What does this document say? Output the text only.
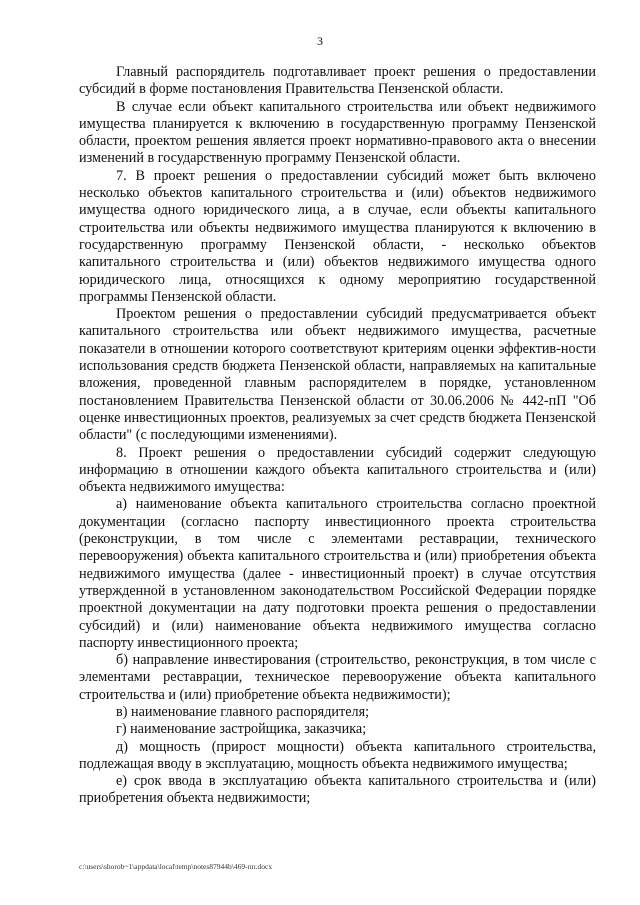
3

Главный распорядитель подготавливает проект решения о предоставлении субсидий в форме постановления Правительства Пензенской области.

В случае если объект капитального строительства или объект недвижимого имущества планируется к включению в государственную программу Пензенской области, проектом решения является проект нормативно-правового акта о внесении изменений в государственную программу Пензенской области.

7. В проект решения о предоставлении субсидий может быть включено несколько объектов капитального строительства и (или) объектов недвижимого имущества одного юридического лица, а в случае, если объекты капитального строительства или объекты недвижимого имущества планируются к включению в государственную программу Пензенской области, - несколько объектов капитального строительства и (или) объектов недвижимого имущества одного юридического лица, относящихся к одному мероприятию государственной программы Пензенской области.

Проектом решения о предоставлении субсидий предусматривается объект капитального строительства или объект недвижимого имущества, расчетные показатели в отношении которого соответствуют критериям оценки эффектив-ности использования средств бюджета Пензенской области, направляемых на капитальные вложения, проведенной главным распорядителем в порядке, установленном постановлением Правительства Пензенской области от 30.06.2006 № 442-пП "Об оценке инвестиционных проектов, реализуемых за счет средств бюджета Пензенской области" (с последующими изменениями).

8. Проект решения о предоставлении субсидий содержит следующую информацию в отношении каждого объекта капитального строительства и (или) объекта недвижимого имущества:

а) наименование объекта капитального строительства согласно проектной документации (согласно паспорту инвестиционного проекта строительства (реконструкции, в том числе с элементами реставрации, технического перевооружения) объекта капитального строительства и (или) приобретения объекта недвижимого имущества (далее - инвестиционный проект) в случае отсутствия утвержденной в установленном законодательством Российской Федерации порядке проектной документации на дату подготовки проекта решения о предоставлении субсидий) и (или) наименование объекта недвижимого имущества согласно паспорту инвестиционного проекта;

б) направление инвестирования (строительство, реконструкция, в том числе с элементами реставрации, техническое перевооружение объекта капитального строительства и (или) приобретение объекта недвижимости);

в) наименование главного распорядителя;

г) наименование застройщика, заказчика;

д) мощность (прирост мощности) объекта капитального строительства, подлежащая вводу в эксплуатацию, мощность объекта недвижимого имущества;

е) срок ввода в эксплуатацию объекта капитального строительства и (или) приобретения объекта недвижимости;

c:\users\shorob~1\appdata\local\temp\notes87944b\469-пп.docx
